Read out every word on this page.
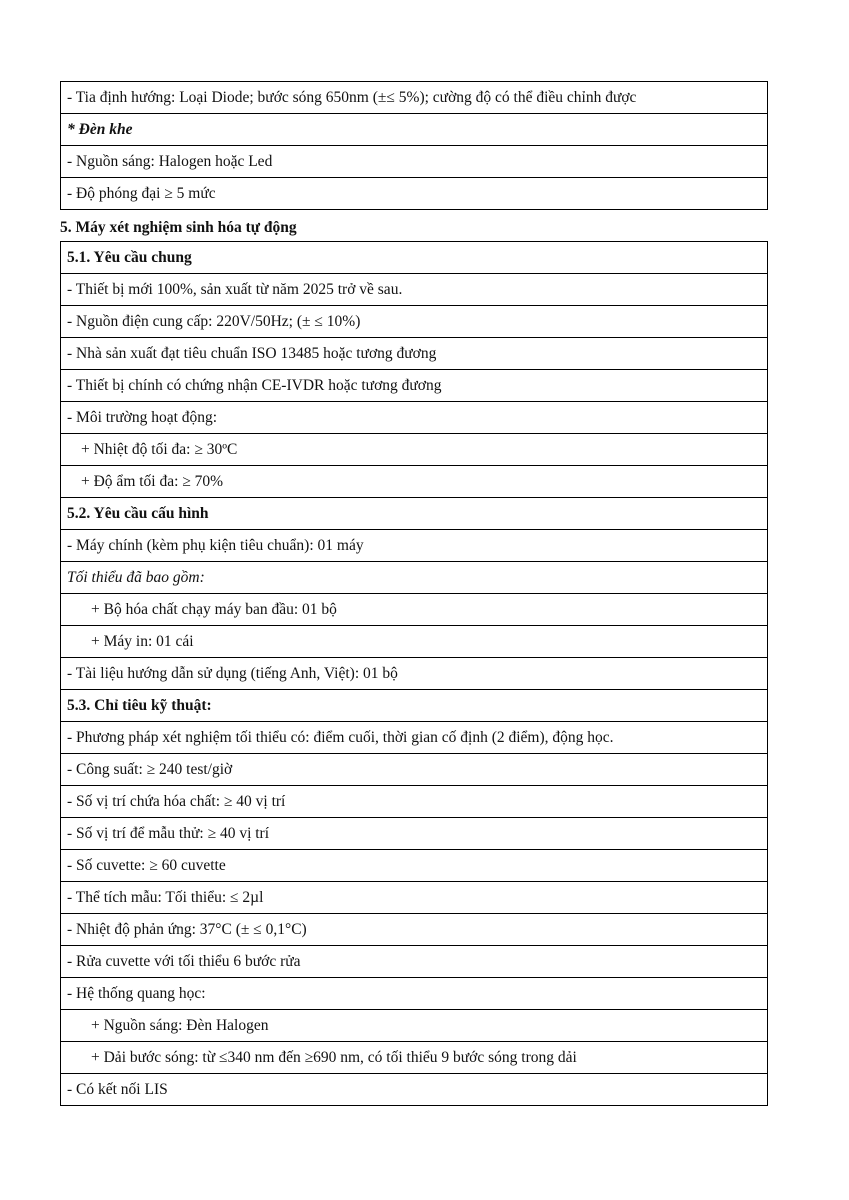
- Tia định hướng: Loại Diode; bước sóng 650nm (±≤ 5%); cường độ có thể điều chỉnh được
* Đèn khe
- Nguồn sáng: Halogen hoặc Led
- Độ phóng đại ≥ 5 mức
5. Máy xét nghiệm sinh hóa tự động
5.1. Yêu cầu chung
- Thiết bị mới 100%, sản xuất từ năm 2025 trở về sau.
- Nguồn điện cung cấp: 220V/50Hz; (± ≤ 10%)
- Nhà sản xuất đạt tiêu chuẩn ISO 13485 hoặc tương đương
- Thiết bị chính có chứng nhận CE-IVDR hoặc tương đương
- Môi trường hoạt động:
+ Nhiệt độ tối đa: ≥ 30ºC
+ Độ ẩm tối đa: ≥ 70%
5.2. Yêu cầu cấu hình
- Máy chính (kèm phụ kiện tiêu chuẩn): 01 máy
Tối thiểu đã bao gồm:
+ Bộ hóa chất chạy máy ban đầu: 01 bộ
+ Máy in: 01 cái
- Tài liệu hướng dẫn sử dụng (tiếng Anh, Việt): 01 bộ
5.3. Chỉ tiêu kỹ thuật:
- Phương pháp xét nghiệm tối thiểu có: điểm cuối, thời gian cố định (2 điểm), động học.
- Công suất: ≥ 240 test/giờ
- Số vị trí chứa hóa chất: ≥ 40 vị trí
- Số vị trí để mẫu thử: ≥ 40 vị trí
- Số cuvette: ≥ 60 cuvette
- Thể tích mẫu: Tối thiểu: ≤ 2µl
- Nhiệt độ phản ứng: 37°C (± ≤ 0,1°C)
- Rửa cuvette với tối thiểu 6 bước rửa
- Hệ thống quang học:
+ Nguồn sáng: Đèn Halogen
+ Dải bước sóng: từ ≤340 nm đến ≥690 nm, có tối thiểu 9 bước sóng trong dải
- Có kết nối LIS
